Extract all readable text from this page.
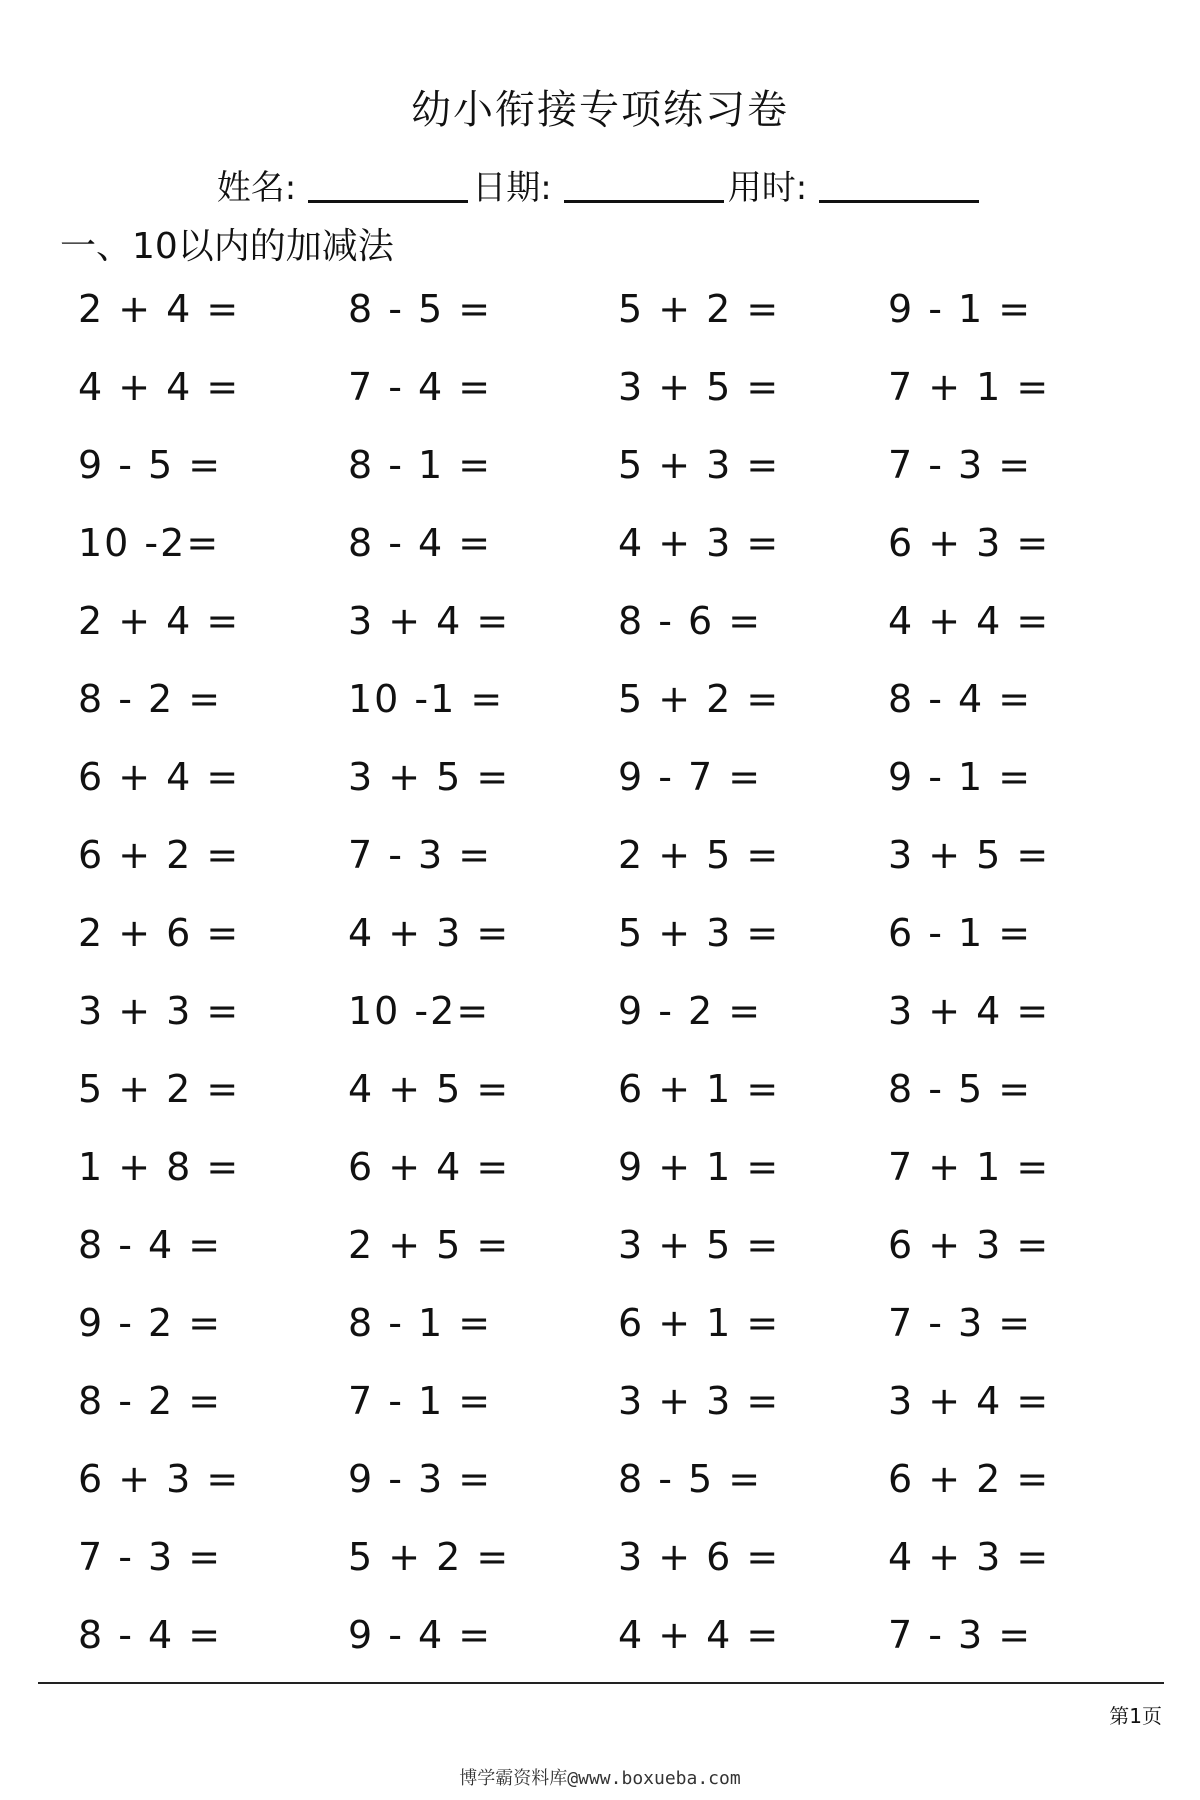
幼小衔接专项练习卷
姓名:	日期:	用时:
一、10以内的加减法
2 + 4 =	8 - 5 =	5 + 2 =	9 - 1 =
4 + 4 =	7 - 4 =	3 + 5 =	7 + 1 =
9 - 5 =	8 - 1 =	5 + 3 =	7 - 3 =
10 -2=	8 - 4 =	4 + 3 =	6 + 3 =
2 + 4 =	3 + 4 =	8 - 6 =	4 + 4 =
8 - 2 =	10 -1 =	5 + 2 =	8 - 4 =
6 + 4 =	3 + 5 =	9 - 7 =	9 - 1 =
6 + 2 =	7 - 3 =	2 + 5 =	3 + 5 =
2 + 6 =	4 + 3 =	5 + 3 =	6 - 1 =
3 + 3 =	10 -2=	9 - 2 =	3 + 4 =
5 + 2 =	4 + 5 =	6 + 1 =	8 - 5 =
1 + 8 =	6 + 4 =	9 + 1 =	7 + 1 =
8 - 4 =	2 + 5 =	3 + 5 =	6 + 3 =
9 - 2 =	8 - 1 =	6 + 1 =	7 - 3 =
8 - 2 =	7 - 1 =	3 + 3 =	3 + 4 =
6 + 3 =	9 - 3 =	8 - 5 =	6 + 2 =
7 - 3 =	5 + 2 =	3 + 6 =	4 + 3 =
8 - 4 =	9 - 4 =	4 + 4 =	7 - 3 =
第1页
博学霸资料库@www.boxueba.com
